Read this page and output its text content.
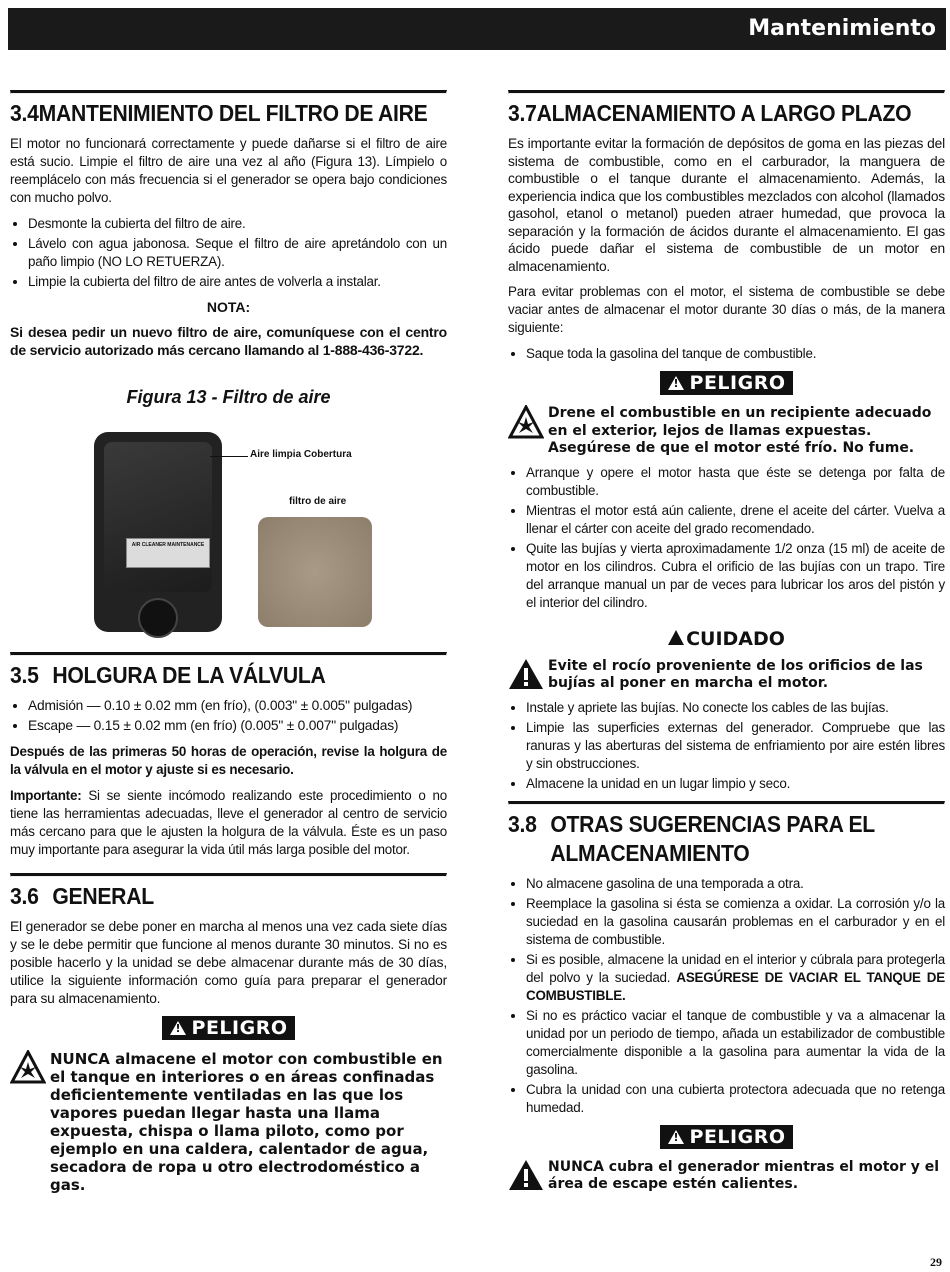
Mantenimiento
3.4 MANTENIMIENTO DEL FILTRO DE AIRE

El motor no funcionará correctamente y puede dañarse si el filtro de aire está sucio. Limpie el filtro de aire una vez al año (Figura 13). Límpielo o reemplácelo con más frecuencia si el generador se opera bajo condiciones con mucho polvo.

• Desmonte la cubierta del filtro de aire.
• Lávelo con agua jabonosa. Seque el filtro de aire apretándolo con un paño limpio (NO LO RETUERZA).
• Limpie la cubierta del filtro de aire antes de volverla a instalar.
NOTA:

Si desea pedir un nuevo filtro de aire, comuníquese con el centro de servicio autorizado más cercano llamando al 1-888-436-3722.

Figura 13 - Filtro de aire
AIR CLEANER MAINTENANCE
Aire limpia Cobertura
filtro de aire
3.5 HOLGURA DE LA VÁLVULA
• Admisión — 0.10 ± 0.02 mm (en frío), (0.003" ± 0.005" pulgadas)
• Escape — 0.15 ± 0.02 mm (en frío) (0.005" ± 0.007" pulgadas)

Después de las primeras 50 horas de operación, revise la holgura de la válvula en el motor y ajuste si es necesario.

Importante: Si se siente incómodo realizando este procedimiento o no tiene las herramientas adecuadas, lleve el generador al centro de servicio más cercano para que le ajusten la holgura de la válvula. Éste es un paso muy importante para asegurar la vida útil más larga posible del motor.

3.6 GENERAL

El generador se debe poner en marcha al menos una vez cada siete días y se le debe permitir que funcione al menos durante 30 minutos. Si no es posible hacerlo y la unidad se debe almacenar durante más de 30 días, utilice la siguiente información como guía para preparar el generador para su almacenamiento.

! PELIGRO
NUNCA almacene el motor con combustible en el tanque en interiores o en áreas confinadas deficientemente ventiladas en las que los vapores puedan llegar hasta una llama expuesta, chispa o llama piloto, como por ejemplo en una caldera, calentador de agua, secadora de ropa u otro electrodoméstico a gas.
3.7 ALMACENAMIENTO A LARGO PLAZO

Es importante evitar la formación de depósitos de goma en las piezas del sistema de combustible, como en el carburador, la manguera de combustible o el tanque durante el almacenamiento. Además, la experiencia indica que los combustibles mezclados con alcohol (llamados gasohol, etanol o metanol) pueden atraer humedad, que provoca la separación y la formación de ácidos durante el almacenamiento. El gas ácido puede dañar el sistema de combustible de un motor en almacenamiento.

Para evitar problemas con el motor, el sistema de combustible se debe vaciar antes de almacenar el motor durante 30 días o más, de la manera siguiente:

• Saque toda la gasolina del tanque de combustible.
! PELIGRO
Drene el combustible en un recipiente adecuado en el exterior, lejos de llamas expuestas. Asegúrese de que el motor esté frío. No fume.
• Arranque y opere el motor hasta que éste se detenga por falta de combustible.
• Mientras el motor está aún caliente, drene el aceite del cárter. Vuelva a llenar el cárter con aceite del grado recomendado.
• Quite las bujías y vierta aproximadamente 1/2 onza (15 ml) de aceite de motor en los cilindros. Cubra el orificio de las bujías con un trapo. Tire del arranque manual un par de veces para lubricar los aros del pistón y el interior del cilindro.
CUIDADO
Evite el rocío proveniente de los orificios de las bujías al poner en marcha el motor.
• Instale y apriete las bujías. No conecte los cables de las bujías.
• Limpie las superficies externas del generador. Compruebe que las ranuras y las aberturas del sistema de enfriamiento por aire estén libres y sin obstrucciones.
• Almacene la unidad en un lugar limpio y seco.
3.8 OTRAS SUGERENCIAS PARA EL
ALMACENAMIENTO
• No almacene gasolina de una temporada a otra.
• Reemplace la gasolina si ésta se comienza a oxidar. La corrosión y/o la suciedad en la gasolina causarán problemas en el carburador y en el sistema de combustible.
• Si es posible, almacene la unidad en el interior y cúbrala para protegerla del polvo y la suciedad. ASEGÚRESE DE VACIAR EL TANQUE DE COMBUSTIBLE.
• Si no es práctico vaciar el tanque de combustible y va a almacenar la unidad por un periodo de tiempo, añada un estabilizador de combustible comercialmente disponible a la gasolina para aumentar la vida de la gasolina.
• Cubra la unidad con una cubierta protectora adecuada que no retenga humedad.
! PELIGRO
NUNCA cubra el generador mientras el motor y el área de escape estén calientes.
29
